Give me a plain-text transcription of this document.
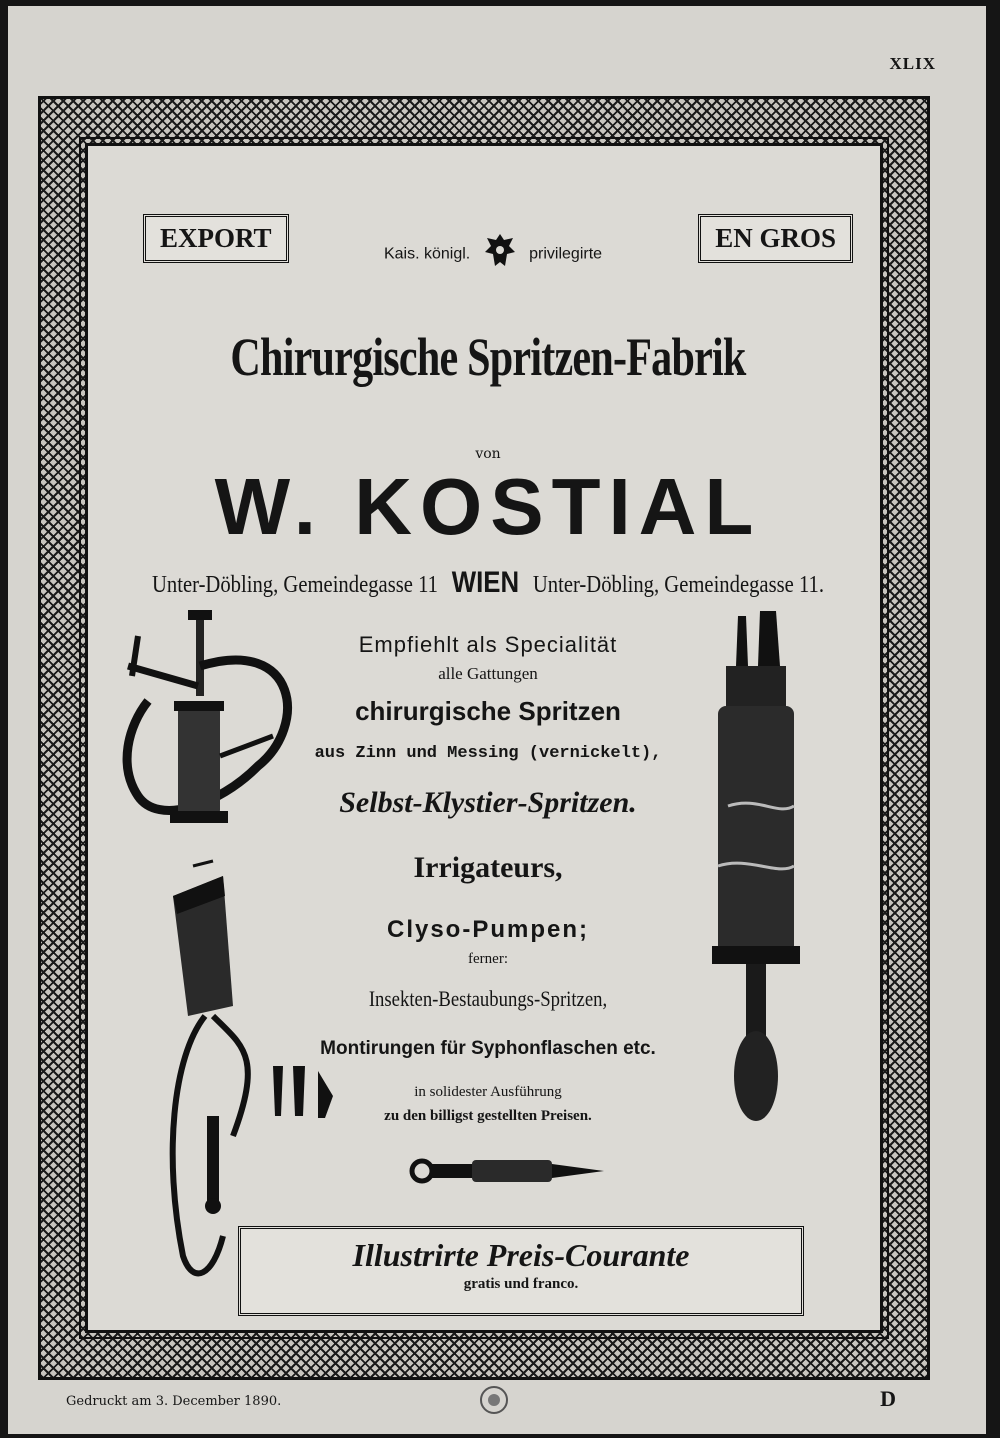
XLIX
EXPORT
Kais. königl.	privilegirte
EN GROS
Chirurgische Spritzen-Fabrik
von
W. KOSTIAL
Unter-Döbling, Gemeindegasse 11 WIEN Unter-Döbling, Gemeindegasse 11.
Empfiehlt als Specialität
alle Gattungen
chirurgische Spritzen
aus Zinn und Messing (vernickelt),
Selbst-Klystier-Spritzen.
Irrigateurs,
Clyso-Pumpen;
ferner:
Insekten-Bestaubungs-Spritzen,
Montirungen für Syphonflaschen etc.
in solidester Ausführung
zu den billigst gestellten Preisen.
Illustrirte Preis-Courante
gratis und franco.
Gedruckt am 3. December 1890.	D
